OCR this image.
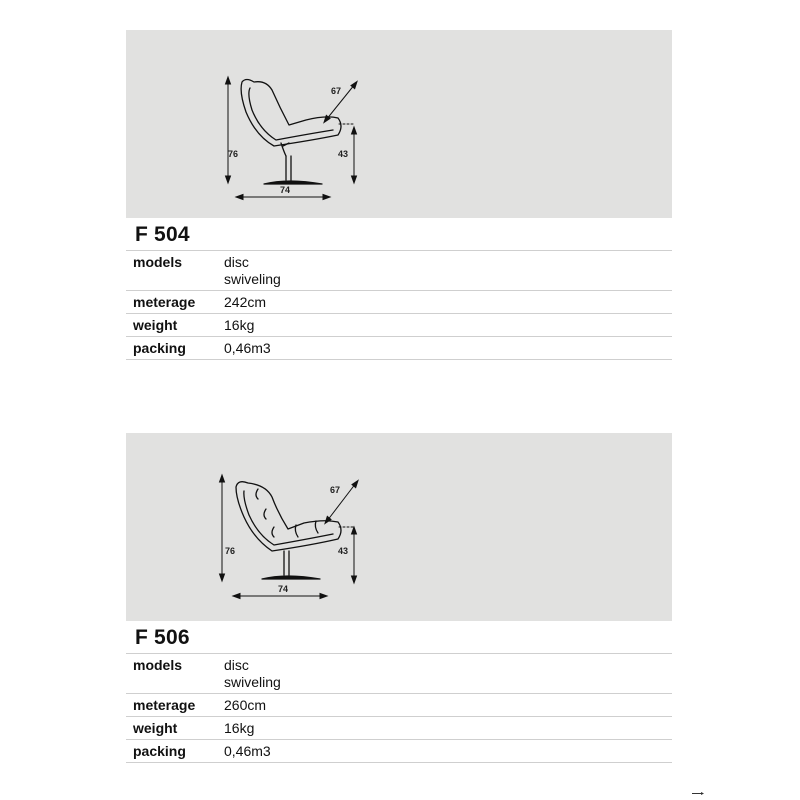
76	43
74
67
F 504
models	disc
swiveling
meterage	242cm
weight	16kg
packing	0,46m3
76	43
74
67
F 506
models	disc
swiveling
meterage	260cm
weight	16kg
packing	0,46m3
